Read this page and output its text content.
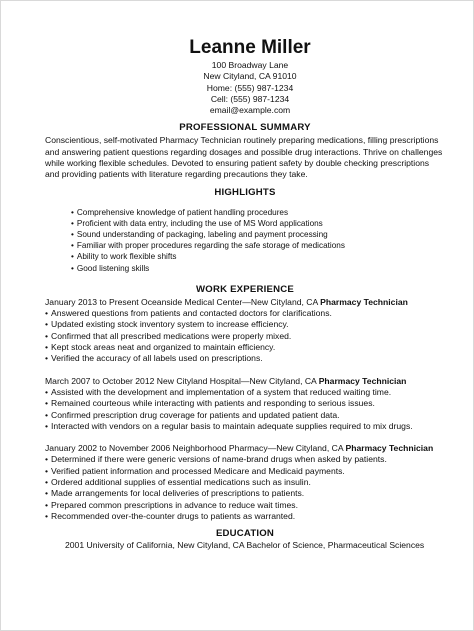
Leanne Miller
100 Broadway Lane
New Cityland, CA 91010
Home: (555) 987-1234
Cell: (555) 987-1234
email@example.com
PROFESSIONAL SUMMARY
Conscientious, self-motivated Pharmacy Technician routinely preparing medications, filling prescriptions and answering patient questions regarding dosages and possible drug interactions. Thrive on challenges while working flexible schedules. Devoted to ensuring patient safety by double checking prescriptions and providing patients with literature regarding precautions they take.
HIGHLIGHTS
• Comprehensive knowledge of patient handling procedures
• Proficient with data entry, including the use of MS Word applications
• Sound understanding of packaging, labeling and payment processing
• Familiar with proper procedures regarding the safe storage of medications
• Ability to work flexible shifts
• Good listening skills
WORK EXPERIENCE
January 2013 to Present Oceanside Medical Center—New Cityland, CA Pharmacy Technician
• Answered questions from patients and contacted doctors for clarifications.
• Updated existing stock inventory system to increase efficiency.
• Confirmed that all prescribed medications were properly mixed.
• Kept stock areas neat and organized to maintain efficiency.
• Verified the accuracy of all labels used on prescriptions.
March 2007 to October 2012 New Cityland Hospital—New Cityland, CA Pharmacy Technician
• Assisted with the development and implementation of a system that reduced waiting time.
• Remained courteous while interacting with patients and responding to serious issues.
• Confirmed prescription drug coverage for patients and updated patient data.
• Interacted with vendors on a regular basis to maintain adequate supplies required to mix drugs.
January 2002 to November 2006 Neighborhood Pharmacy—New Cityland, CA Pharmacy Technician
• Determined if there were generic versions of name-brand drugs when asked by patients.
• Verified patient information and processed Medicare and Medicaid payments.
• Ordered additional supplies of essential medications such as insulin.
• Made arrangements for local deliveries of prescriptions to patients.
• Prepared common prescriptions in advance to reduce wait times.
• Recommended over-the-counter drugs to patients as warranted.
EDUCATION
2001 University of California, New Cityland, CA Bachelor of Science, Pharmaceutical Sciences
